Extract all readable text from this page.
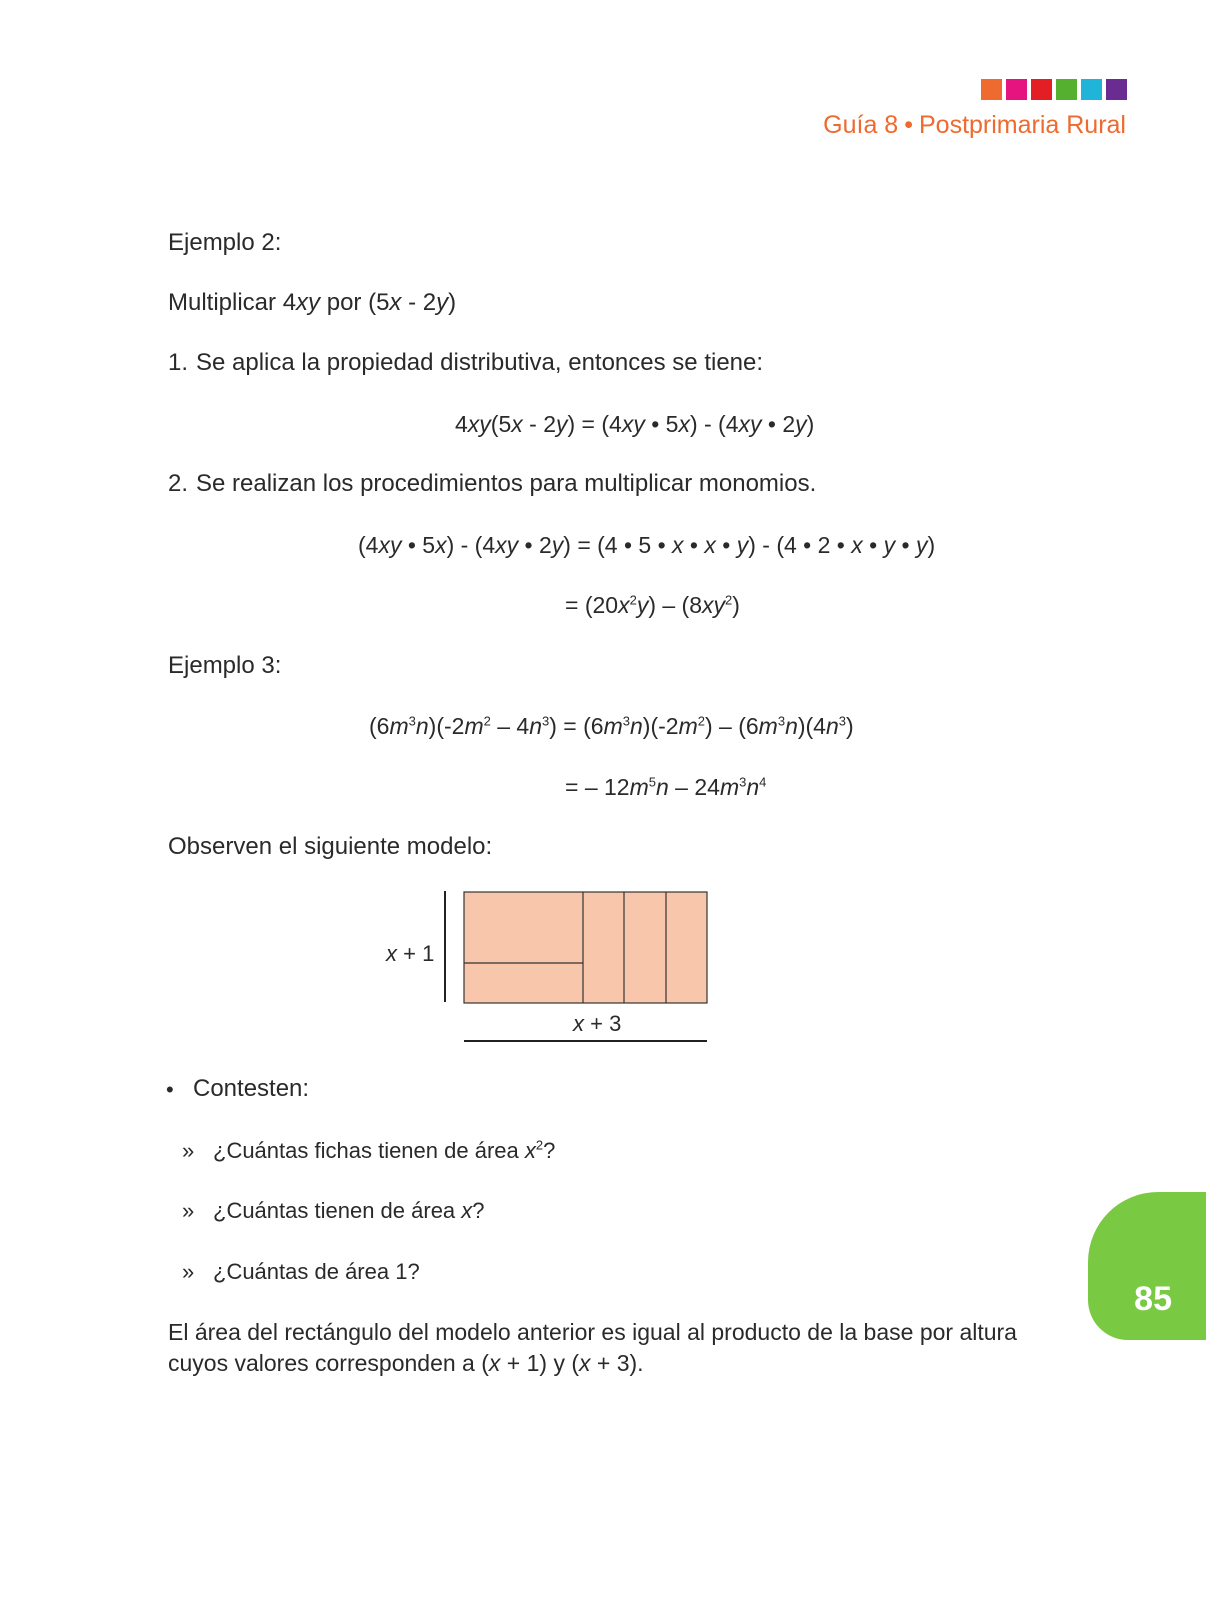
Guía 8 • Postprimaria Rural
Ejemplo 2:
Multiplicar 4xy por (5x - 2y)
1. Se aplica la propiedad distributiva, entonces se tiene:
4xy(5x - 2y) = (4xy • 5x) - (4xy • 2y)
2. Se realizan los procedimientos para multiplicar monomios.
(4xy • 5x) - (4xy • 2y) = (4 • 5 • x • x • y) - (4 • 2 • x • y • y)
= $(20x^2y) - (8xy^2)$
Ejemplo 3:
$(6m^3n)(-2m^2 - 4n^3) = (6m^3n)(-2m^2) - (6m^3n)(4n^3)$
= – $12m^5n - 24m^3n^4$
Observen el siguiente modelo:
x + 1
x + 3
• Contesten:
» ¿Cuántas fichas tienen de área $x^2$?
» ¿Cuántas tienen de área x?
» ¿Cuántas de área 1?
El área del rectángulo del modelo anterior es igual al producto de la base por altura
cuyos valores corresponden a (x + 1) y (x + 3).
85
